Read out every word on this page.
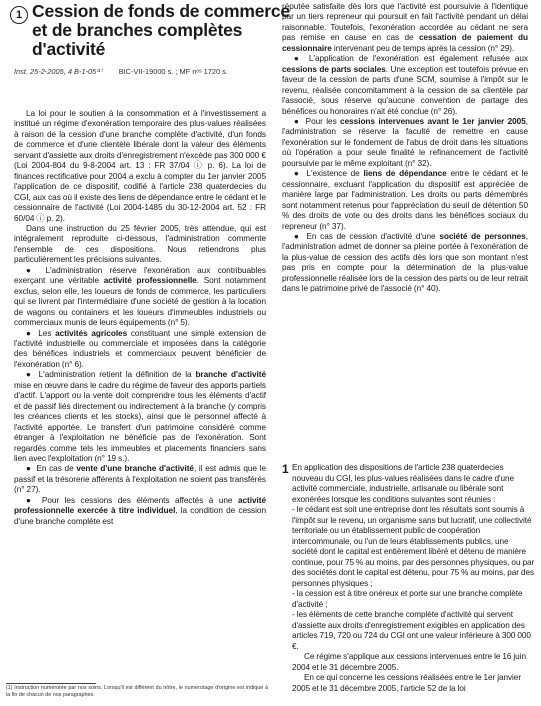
1 Cession de fonds de commerce
et de branches complètes
d'activité
Inst. 25-2-2005, 4 B-1-05⁽¹⁾ BIC-VII-19000 s. ; MF nᵒˢ 1720 s.

La loi pour le soutien à la consommation et à l'investissement a institué un régime d'exonération temporaire des plus-values réalisées à raison de la cession d'une branche complète d'activité, d'un fonds de commerce et d'une clientèle libérale dont la valeur des éléments servant d'assiette aux droits d'enregistrement n'excède pas 300 000 € (Loi 2004-804 du 9-8-2004 art. 13 : FR 37/04 ⓘ p. 6). La loi de finances rectificative pour 2004 a exclu à compter du 1er janvier 2005 l'application de ce dispositif, codifié à l'article 238 quaterdecies du CGI, aux cas où il existe des liens de dépendance entre le cédant et le cessionnaire de l'activité (Loi 2004-1485 du 30-12-2004 art. 52 : FR 60/04 ⓘ p. 2).

Dans une instruction du 25 février 2005, très attendue, qui est intégralement reproduite ci-dessous, l'administration commente l'ensemble de ces dispositions. Nous retiendrons plus particulièrement les précisions suivantes.

● L'administration réserve l'exonération aux contribuables exerçant une véritable activité professionnelle. Sont notamment exclus, selon elle, les loueurs de fonds de commerce, les particuliers qui se livrent par l'intermédiaire d'une société de gestion à la location de wagons ou containers et les loueurs d'immeubles industriels ou commerciaux munis de leurs équipements (n° 5).

● Les activités agricoles constituant une simple extension de l'activité industrielle ou commerciale et imposées dans la catégorie des bénéfices industriels et commerciaux peuvent bénéficier de l'exonération (n° 6).

● L'administration retient la définition de la branche d'activité mise en œuvre dans le cadre du régime de faveur des apports partiels d'actif. L'apport ou la vente doit comprendre tous les éléments d'actif et de passif liés directement ou indirectement à la branche (y compris les créances clients et les stocks), ainsi que le personnel affecté à l'activité apportée. Le transfert d'un patrimoine considéré comme étranger à l'exploitation ne bénéficie pas de l'exonération. Sont regardés comme tels les immeubles et placements financiers sans lien avec l'exploitation (n° 19 s.).

● En cas de vente d'une branche d'activité, il est admis que le passif et la trésorerie afférents à l'exploitation ne soient pas transférés (n° 27).

● Pour les cessions des éléments affectés à une activité professionnelle exercée à titre individuel, la condition de cession d'une branche complète est

(1) Instruction numérotée par nos soins. Lorsqu'il est différent du nôtre, le numérotage d'origine est indiqué à la fin de chacun de nos paragraphes.

réputée satisfaite dès lors que l'activité est poursuivie à l'identique par un tiers repreneur qui poursuit en fait l'activité pendant un délai raisonnable. Toutefois, l'exonération accordée au cédant ne sera pas remise en cause en cas de cessation de paiement du cessionnaire intervenant peu de temps après la cession (n° 29).

● L'application de l'exonération est également refusée aux cessions de parts sociales. Une exception est toutefois prévue en faveur de la cession de parts d'une SCM, soumise à l'impôt sur le revenu, réalisée concomitamment à la cession de sa clientèle par l'associé, sous réserve qu'aucune convention de partage des bénéfices ou honoraires n'ait été conclue (n° 26).

● Pour les cessions intervenues avant le 1er janvier 2005, l'administration se réserve la faculté de remettre en cause l'exonération sur le fondement de l'abus de droit dans les situations où l'opération a pour seule finalité le refinancement de l'activité poursuivie par le même exploitant (n° 32).

● L'existence de liens de dépendance entre le cédant et le cessionnaire, excluant l'application du dispositif est appréciée de manière large par l'administration. Les droits ou parts démembrés sont notamment retenus pour l'appréciation du seuil de détention 50 % des droits de vote ou des droits dans les bénéfices sociaux du repreneur (n° 37).

● En cas de cession d'activité d'une société de personnes, l'administration admet de donner sa pleine portée à l'exonération de la plus-value de cession des actifs dès lors que son montant n'est pas pris en compte pour la détermination de la plus-value professionnelle réalisée lors de la cession des parts ou de leur retrait dans le patrimoine privé de l'associé (n° 40).

1 En application des dispositions de l'article 238 quaterdecies nouveau du CGI, les plus-values réalisées dans le cadre d'une activité commerciale, industrielle, artisanale ou libérale sont exonérées lorsque les conditions suivantes sont réunies :

- le cédant est soit une entreprise dont les résultats sont soumis à l'impôt sur le revenu, un organisme sans but lucratif, une collectivité territoriale ou un établissement public de coopération intercommunale, ou l'un de leurs établissements publics, une société dont le capital est entièrement libéré et détenu de manière continue, pour 75 % au moins, par des personnes physiques, ou par des sociétés dont le capital est détenu, pour 75 % au moins, par des personnes physiques ;

- la cession est à titre onéreux et porte sur une branche complète d'activité ;

- les éléments de cette branche complète d'activité qui servent d'assiette aux droits d'enregistrement exigibles en application des articles 719, 720 ou 724 du CGI ont une valeur inférieure à 300 000 €.

Ce régime s'applique aux cessions intervenues entre le 16 juin 2004 et le 31 décembre 2005.

En ce qui concerne les cessions réalisées entre le 1er janvier 2005 et le 31 décembre 2005, l'article 52 de la loi
